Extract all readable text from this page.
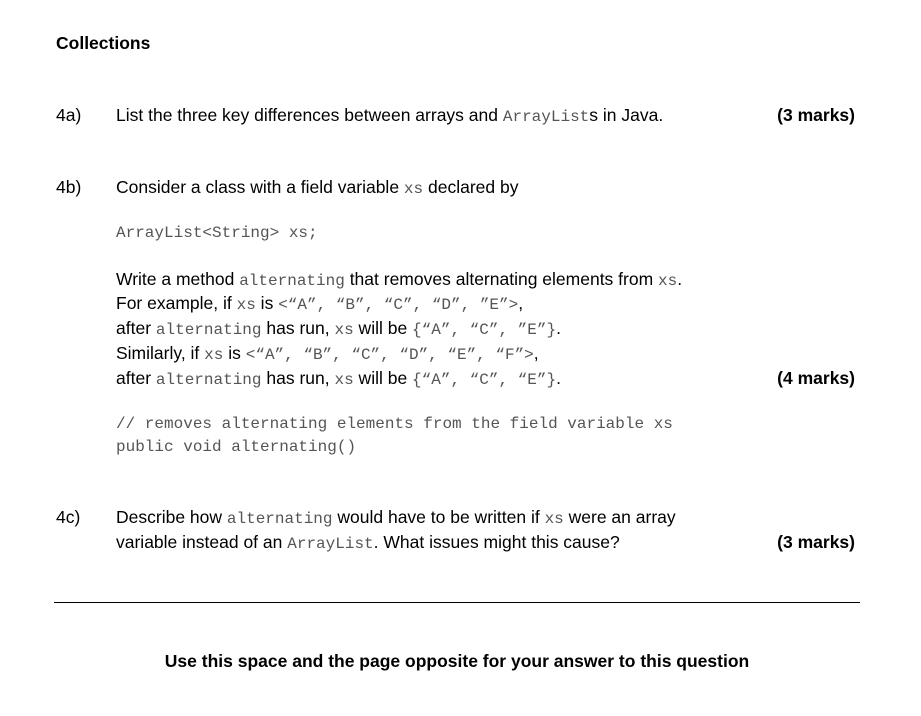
Collections
4a) List the three key differences between arrays and ArrayLists in Java.	(3 marks)
4b) Consider a class with a field variable xs declared by
ArrayList<String> xs;
Write a method alternating that removes alternating elements from xs.
For example, if xs is <“A”, “B”, “C”, “D”, ”E”>,
after alternating has run, xs will be {“A”, “C”, ”E”}.
Similarly, if xs is <“A”, “B”, “C”, “D”, “E”, “F”>,
after alternating has run, xs will be {“A”, “C”, “E”}.	(4 marks)
// removes alternating elements from the field variable xs
public void alternating()
4c) Describe how alternating would have to be written if xs were an array
variable instead of an ArrayList. What issues might this cause?	(3 marks)
Use this space and the page opposite for your answer to this question
